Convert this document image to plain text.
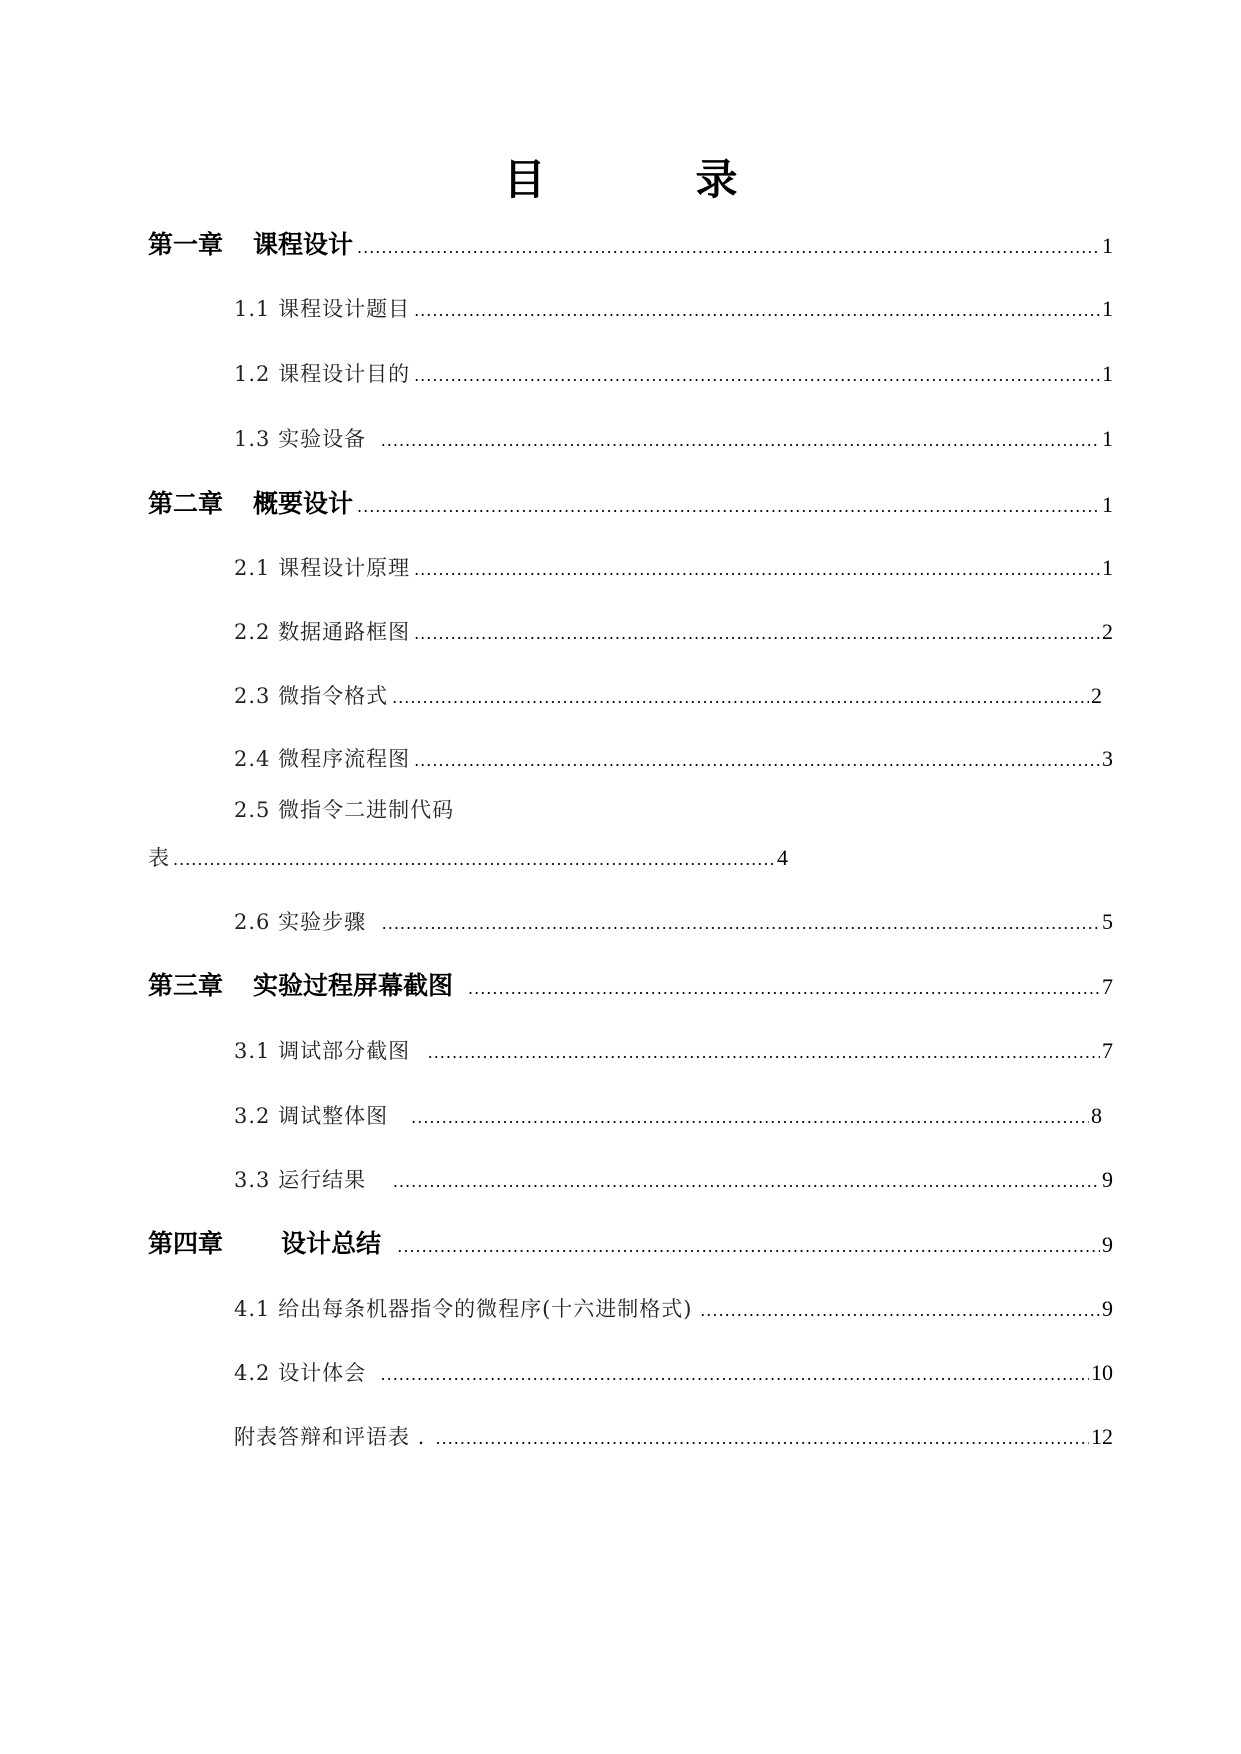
目	录
第一章 课程设计 .....	1
1.1 课程设计题目 .....	1
1.2 课程设计目的 .....	1
1.3 实验设备 .....	1
第二章 概要设计 .....	1
2.1 课程设计原理 .....	1
2.2 数据通路框图 .....	2
2.3 微指令格式 .....	2
2.4 微程序流程图 .....	3
2.5 微指令二进制代码
表 .....	4
2.6 实验步骤 .....	5
第三章 实验过程屏幕截图 .....	7
3.1 调试部分截图 .....	7
3.2 调试整体图 .....	8
3.3 运行结果 .....	9
第四章 设计总结 .....	9
4.1 给出每条机器指令的微程序(十六进制格式) .....	9
4.2 设计体会 .....	10
附表答辩和评语表 . .....	12
